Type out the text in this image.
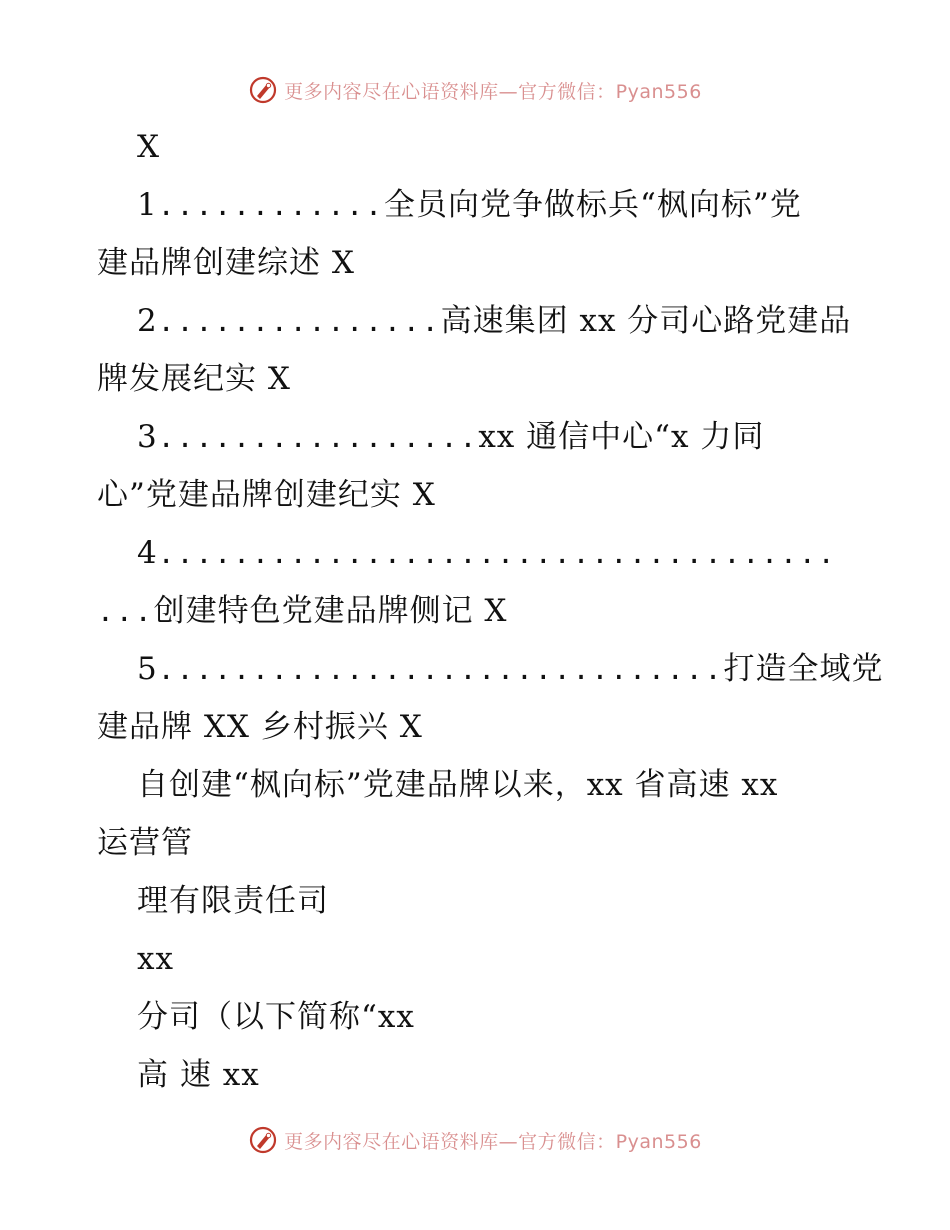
更多内容尽在心语资料库—官方微信：Pyan556
X
1............全员向党争做标兵“枫向标”党
建品牌创建综述 X
2...............高速集团 xx 分司心路党建品
牌发展纪实 X
3.................xx 通信中心“x 力同
心”党建品牌创建纪实 X
4....................................
...创建特色党建品牌侧记 X
5..............................打造全域党
建品牌 XX 乡村振兴 X
自创建“枫向标”党建品牌以来，xx 省高速 xx
运营管
理有限责任司
xx
分司（以下简称“xx
高 速 xx
更多内容尽在心语资料库—官方微信：Pyan556
